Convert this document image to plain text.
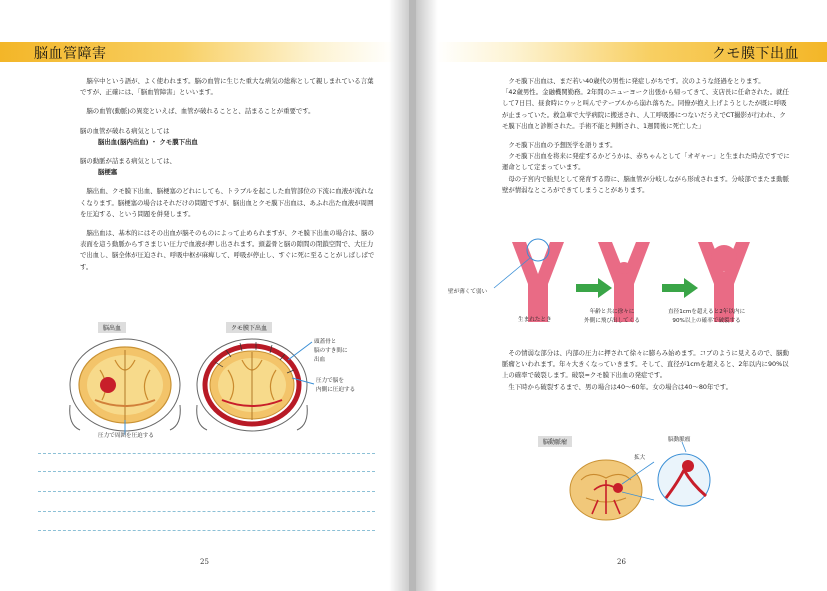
脳血管障害

脳卒中という語が、よく使われます。脳の血管に生じた重大な病気の総称として親しまれている言葉ですが、正確には、「脳血管障害」といいます。

脳の血管(動脈)の異変といえば、血管が破れることと、詰まることが重要です。

脳の血管が破れる病気としては

脳出血(脳内出血) ・ クモ膜下出血

脳の動脈が詰まる病気としては、

脳梗塞

脳出血、クモ膜下出血、脳梗塞のどれにしても、トラブルを起こした血管部位の下流に血液が流れなくなります。脳梗塞の場合はそれだけの問題ですが、脳出血とクモ膜下出血は、あふれ出た血液が周囲を圧迫する、という問題を併発します。

脳出血は、基本的にはその出血が脳そのものによって止められますが、クモ膜下出血の場合は、脳の表面を這う動脈からすさまじい圧力で血液が押し出されます。頭蓋骨と脳の隙間の閉鎖空間で、大圧力で出血し、脳全体が圧迫され、呼吸中枢が麻痺して、呼吸が停止し、すぐに死に至ることがしばしばです。

脳出血	クモ膜下出血
頭蓋骨と
脳のすき間に
出血
圧力で脳を
内側に圧迫する
圧力で周囲を圧迫する
25
クモ膜下出血

クモ膜下出血は、まだ若い40歳代の男性に発症しがちです。次のような経過をとります。

「42歳男性。金融機関勤務。2年間のニューヨーク出張から帰ってきて、支店長に任命された。就任して7日目、昼食時にウッと叫んでテーブルから崩れ落ちた。同僚が抱え上げようとしたが既に呼吸が止まっていた。救急車で大学病院に搬送され、人工呼吸器につないだうえでCT撮影が行われ、クモ膜下出血と診断された。手術不能と判断され、1週間後に死亡した」

クモ膜下出血の予想医学を語ります。

クモ膜下出血を将来に発症するかどうかは、赤ちゃんとして「オギャー」と生まれた時点ですでに運命として定まっています。

母の子宮内で胎児として発育する際に、脳血管が分岐しながら形成されます。分岐部でまたま動脈壁が情弱なところができてしまうことがあります。

壁が薄くて弱い
生まれたとき
年齢と共に徐々に
外側に飛び出してくる
直径1cmを超えると2年以内に
90%以上の確率で破裂する

その情弱な部分は、内部の圧力に押されて徐々に膨らみ始めます。コブのように見えるので、脳動脈瘤といわれます。年々大きくなっていきます。そして、直径が1cmを超えると、2年以内に90%以上の確率で破裂します。破裂=クモ膜下出血の発症です。

生下時から破裂するまで、男の場合は40〜60年。女の場合は40〜80年です。

脳動脈瘤
拡大
脳動脈瘤
26
